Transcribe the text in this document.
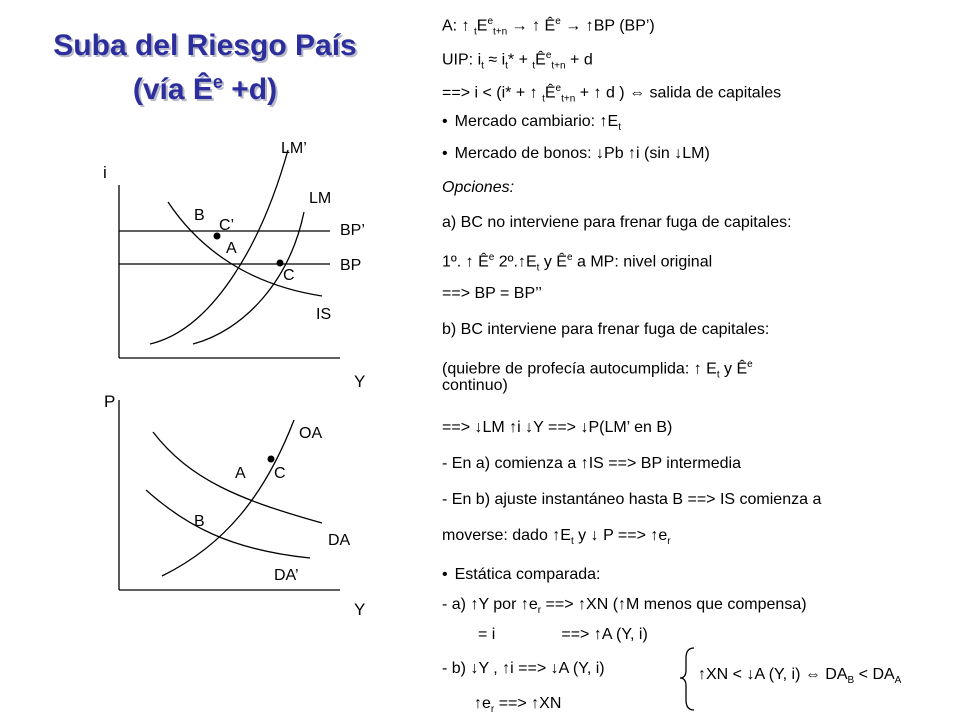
Suba del Riesgo País
(vía $Ê^e +d$)
i
Y
LM’
LM
BP’
BP
IS
B
C’
A
C
P
Y
OA
DA
DA’
A C
B
A: ↑ $_tE^e_{t+n}$ → ↑ $Ê^e$ → ↑BP (BP’)
UIP: $i_t \approx i_t*$ + $_tÊ^e_{t+n} + d$
==> i < (i* + ↑ $_tÊ^e_{t+n}$ + ↑ d ) ⇔ salida de capitales
• Mercado cambiario: $↑E_t$
• Mercado de bonos: ↓Pb ↑i (sin ↓LM)
Opciones:
a) BC no interviene para frenar fuga de capitales:
1º. ↑ $Ê^e$ $2º.↑E_t$ y $Ê^e$ a MP: nivel original
==> BP = BP’’
b) BC interviene para frenar fuga de capitales:
(quiebre de profecía autocumplida: ↑ $E_t$ y $Ê^e$
continuo)
==> ↓LM ↑i ↓Y ==> ↓P(LM’ en B)
- En a) comienza a ↑IS ==> BP intermedia
- En b) ajuste instantáneo hasta B ==> IS comienza a
moverse: dado $↑E_t$ y ↓ P ==> $↑e_r$
• Estática comparada:
- a) ↑Y por $↑e_r$ ==> ↑XN (↑M menos que compensa)
= i	==> ↑A (Y, i)
- b) ↓Y , ↑i ==> ↓A (Y, i)
$↑e_r$ ==> ↑XN
↑XN < ↓A (Y, i) ⇔ $DA_B < DA_A$
